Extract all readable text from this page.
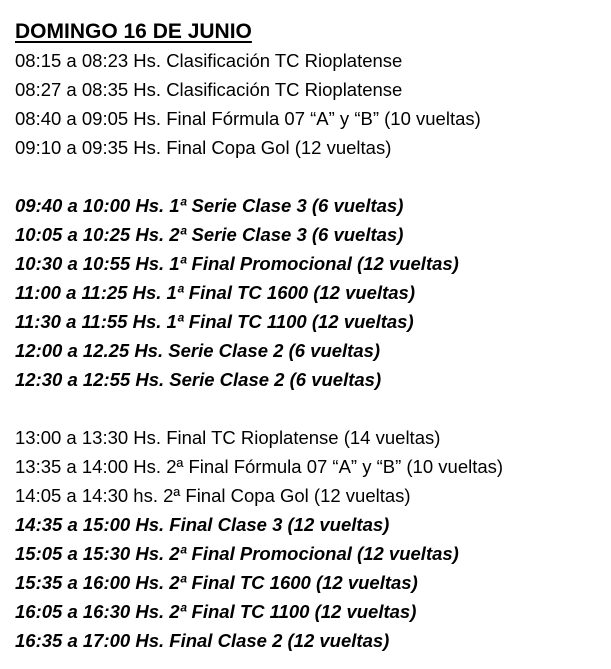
DOMINGO 16 DE JUNIO
08:15 a 08:23 Hs. Clasificación TC Rioplatense
08:27 a 08:35 Hs. Clasificación TC Rioplatense
08:40 a 09:05 Hs. Final Fórmula 07 “A” y “B” (10 vueltas)
09:10 a 09:35 Hs. Final Copa Gol (12 vueltas)
09:40 a 10:00 Hs. 1ª Serie Clase 3 (6 vueltas)
10:05 a 10:25 Hs. 2ª Serie Clase 3 (6 vueltas)
10:30 a 10:55 Hs. 1ª Final Promocional (12 vueltas)
11:00 a 11:25 Hs. 1ª Final TC 1600 (12 vueltas)
11:30 a 11:55 Hs. 1ª Final TC 1100 (12 vueltas)
12:00 a 12.25 Hs. Serie Clase 2 (6 vueltas)
12:30 a 12:55 Hs. Serie Clase 2 (6 vueltas)
13:00 a 13:30 Hs. Final TC Rioplatense (14 vueltas)
13:35 a 14:00 Hs. 2ª Final Fórmula 07 “A” y “B” (10 vueltas)
14:05 a 14:30 hs. 2ª Final Copa Gol (12 vueltas)
14:35 a 15:00 Hs. Final Clase 3 (12 vueltas)
15:05 a 15:30 Hs. 2ª Final Promocional (12 vueltas)
15:35 a 16:00 Hs. 2ª Final TC 1600 (12 vueltas)
16:05 a 16:30 Hs. 2ª Final TC 1100 (12 vueltas)
16:35 a 17:00 Hs. Final Clase 2 (12 vueltas)
